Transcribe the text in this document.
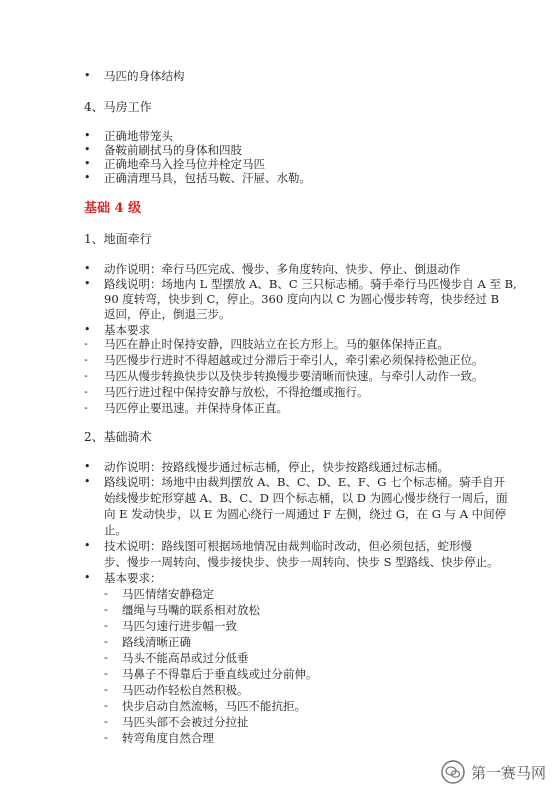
• 马匹的身体结构
4、马房工作
• 正确地带笼头
• 备鞍前刷拭马的身体和四肢
• 正确地牵马入拴马位并栓定马匹
• 正确清理马具，包括马鞍、汗屉、水勒。
基础 4 级
1、地面牵行
• 动作说明：牵行马匹完成、慢步、多角度转向、快步、停止、倒退动作
• 路线说明：场地内 L 型摆放 A、B、C 三只标志桶。骑手牵行马匹慢步自 A 至 B,
90 度转弯，快步到 C，停止。360 度向内以 C 为圆心慢步转弯，快步经过 B
返回，停止，倒退三步。
• 基本要求
- 马匹在静止时保持安静，四肢站立在长方形上。马的躯体保持正直。
- 马匹慢步行进时不得超越或过分滞后于牵引人，牵引索必须保持松弛正位。
- 马匹从慢步转换快步以及快步转换慢步要清晰而快速。与牵引人动作一致。
- 马匹行进过程中保持安静与放松，不得抢缰或拖行。
- 马匹停止要迅速。并保持身体正直。
2、基础骑术
• 动作说明：按路线慢步通过标志桶，停止，快步按路线通过标志桶。
• 路线说明：场地中由裁判摆放 A、B、C、D、E、F、G 七个标志桶。骑手自开
始线慢步蛇形穿越 A、B、C、D 四个标志桶，以 D 为圆心慢步绕行一周后，面
向 E 发动快步，以 E 为圆心绕行一周通过 F 左侧，绕过 G，在 G 与 A 中间停
止。
• 技术说明：路线图可根据场地情况由裁判临时改动，但必须包括，蛇形慢
步、慢步一周转向、慢步接快步、快步一周转向、快步 S 型路线、快步停止。
• 基本要求：
- 马匹情绪安静稳定
- 缰绳与马嘴的联系相对放松
- 马匹匀速行进步幅一致
- 路线清晰正确
- 马头不能高昂或过分低垂
- 马鼻子不得靠后于垂直线或过分前伸。
- 马匹动作轻松自然积极。
- 快步启动自然流畅，马匹不能抗拒。
- 马匹头部不会被过分拉扯
- 转弯角度自然合理
第一赛马网
